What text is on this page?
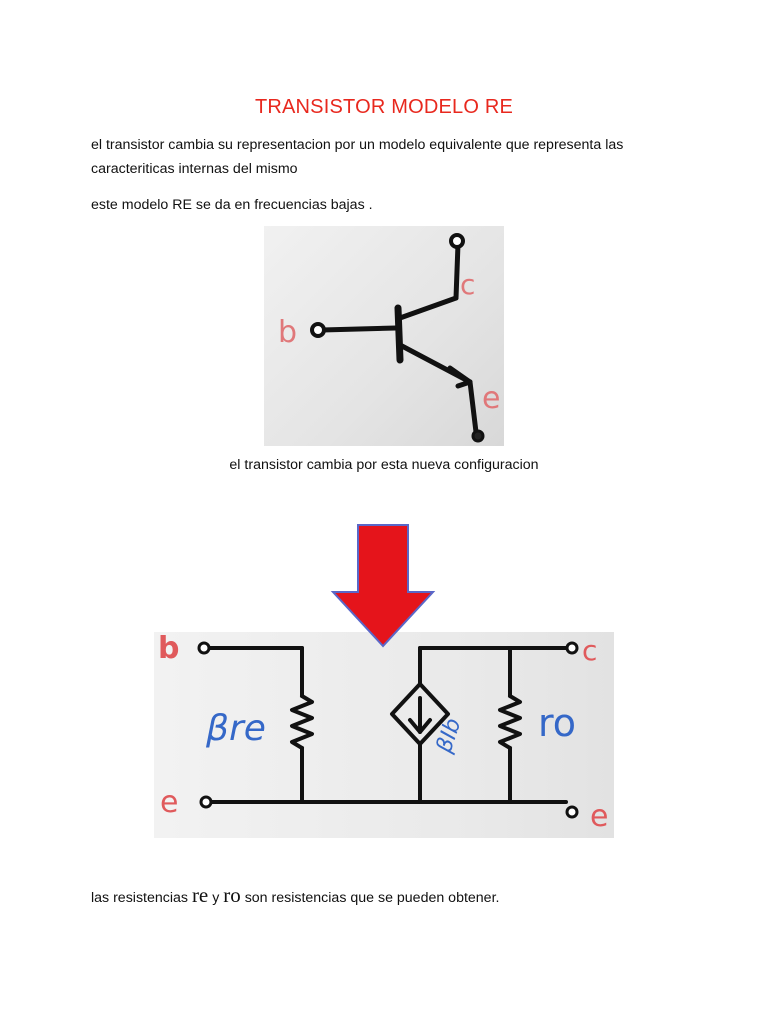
TRANSISTOR MODELO RE
el transistor cambia su representacion por un modelo equivalente que representa las caracteriticas internas del mismo
este modelo RE se da en frecuencias bajas .
b
c
e
el transistor cambia por esta nueva configuracion
b
e
c
e
βre	βIb ro
las resistencias re y ro son resistencias que se pueden obtener.
